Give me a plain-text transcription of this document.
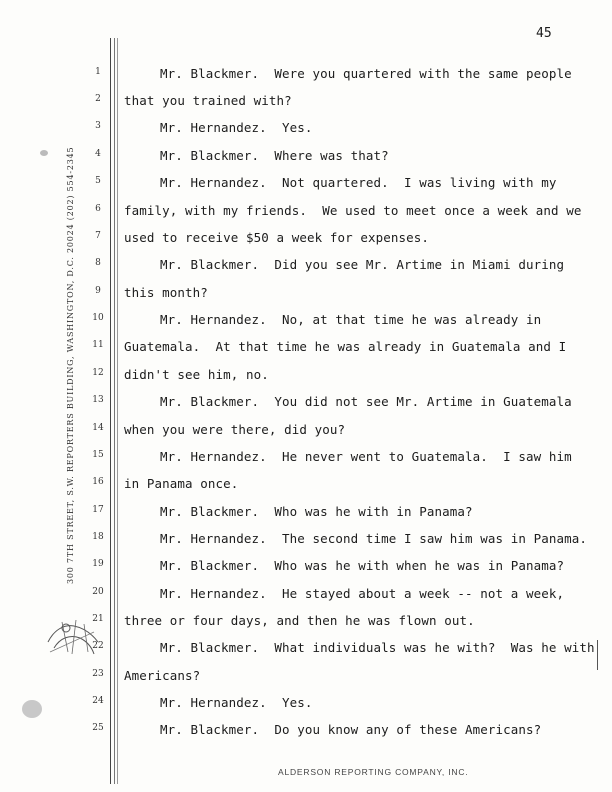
45
300 7TH STREET, S.W. REPORTERS BUILDING, WASHINGTON, D.C. 20024 (202) 554-2345
1	Mr. Blackmer.  Were you quartered with the same people
2	that you trained with?
3	Mr. Hernandez.  Yes.
4	Mr. Blackmer.  Where was that?
5	Mr. Hernandez.  Not quartered.  I was living with my
6	family, with my friends.  We used to meet once a week and we
7	used to receive $50 a week for expenses.
8	Mr. Blackmer.  Did you see Mr. Artime in Miami during
9	this month?
10	Mr. Hernandez.  No, at that time he was already in
11	Guatemala.  At that time he was already in Guatemala and I
12	didn't see him, no.
13	Mr. Blackmer.  You did not see Mr. Artime in Guatemala
14	when you were there, did you?
15	Mr. Hernandez.  He never went to Guatemala.  I saw him
16	in Panama once.
17	Mr. Blackmer.  Who was he with in Panama?
18	Mr. Hernandez.  The second time I saw him was in Panama.
19	Mr. Blackmer.  Who was he with when he was in Panama?
20	Mr. Hernandez.  He stayed about a week -- not a week,
21	three or four days, and then he was flown out.
22	Mr. Blackmer.  What individuals was he with?  Was he with
23	Americans?
24	Mr. Hernandez.  Yes.
25	Mr. Blackmer.  Do you know any of these Americans?
ALDERSON REPORTING COMPANY, INC.
